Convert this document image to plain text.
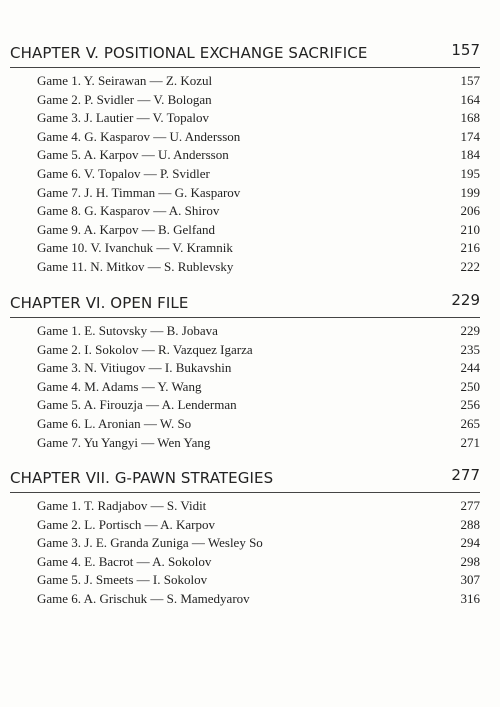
CHAPTER V. POSITIONAL EXCHANGE SACRIFICE	157
Game 1. Y. Seirawan — Z. Kozul	157
Game 2. P. Svidler — V. Bologan	164
Game 3. J. Lautier — V. Topalov	168
Game 4. G. Kasparov — U. Andersson	174
Game 5. A. Karpov — U. Andersson	184
Game 6. V. Topalov — P. Svidler	195
Game 7. J. H. Timman — G. Kasparov	199
Game 8. G. Kasparov — A. Shirov	206
Game 9. A. Karpov — B. Gelfand	210
Game 10. V. Ivanchuk — V. Kramnik	216
Game 11. N. Mitkov — S. Rublevsky	222
CHAPTER VI. OPEN FILE	229
Game 1. E. Sutovsky — B. Jobava	229
Game 2. I. Sokolov — R. Vazquez Igarza	235
Game 3. N. Vitiugov — I. Bukavshin	244
Game 4. M. Adams — Y. Wang	250
Game 5. A. Firouzja — A. Lenderman	256
Game 6. L. Aronian — W. So	265
Game 7. Yu Yangyi — Wen Yang	271
CHAPTER VII. G-PAWN STRATEGIES	277
Game 1. T. Radjabov — S. Vidit	277
Game 2. L. Portisch — A. Karpov	288
Game 3. J. E. Granda Zuniga — Wesley So	294
Game 4. E. Bacrot — A. Sokolov	298
Game 5. J. Smeets — I. Sokolov	307
Game 6. A. Grischuk — S. Mamedyarov	316
